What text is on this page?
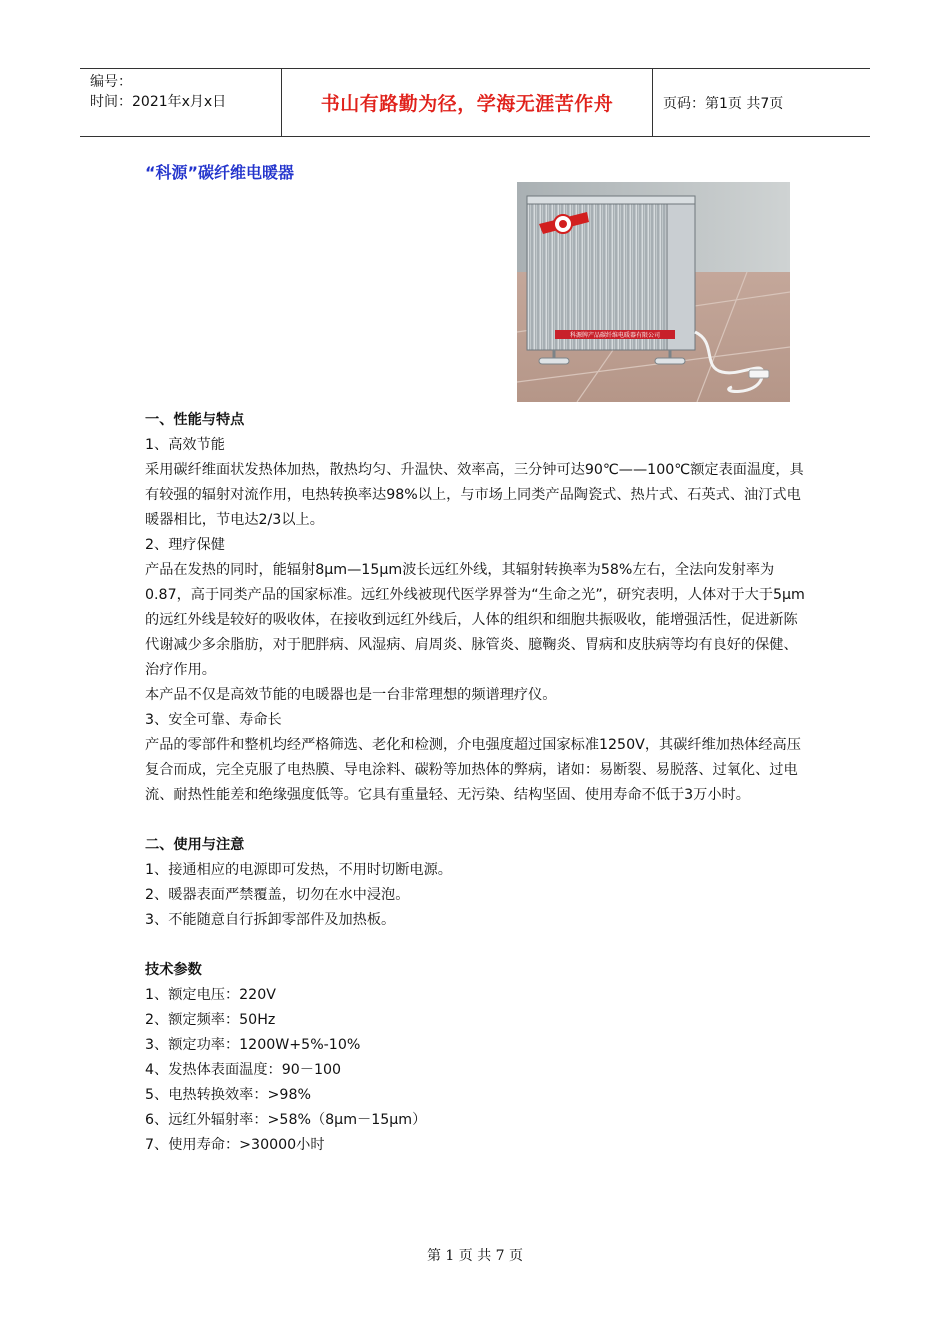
编号：
时间：2021年x月x日	书山有路勤为径，学海无涯苦作舟	页码：第1页 共7页
“科源”碳纤维电暖器
科源牌产品碳纤维电暖器有限公司

一、性能与特点

1、高效节能

采用碳纤维面状发热体加热，散热均匀、升温快、效率高，三分钟可达90℃——100℃额定表面温度，具有较强的辐射对流作用，电热转换率达98%以上，与市场上同类产品陶瓷式、热片式、石英式、油汀式电暖器相比，节电达2/3以上。

2、理疗保健

产品在发热的同时，能辐射8μm—15μm波长远红外线，其辐射转换率为58%左右，全法向发射率为0.87，高于同类产品的国家标准。远红外线被现代医学界誉为“生命之光”，研究表明，人体对于大于5μm的远红外线是较好的吸收体，在接收到远红外线后，人体的组织和细胞共振吸收，能增强活性，促进新陈代谢减少多余脂肪，对于肥胖病、风湿病、肩周炎、脉管炎、臆鞠炎、胃病和皮肤病等均有良好的保健、治疗作用。

本产品不仅是高效节能的电暖器也是一台非常理想的频谱理疗仪。

3、安全可靠、寿命长

产品的零部件和整机均经严格筛选、老化和检测，介电强度超过国家标准1250V，其碳纤维加热体经高压复合而成，完全克服了电热膜、导电涂料、碳粉等加热体的弊病，诸如：易断裂、易脱落、过氧化、过电流、耐热性能差和绝缘强度低等。它具有重量轻、无污染、结构坚固、使用寿命不低于3万小时。

二、使用与注意

1、接通相应的电源即可发热，不用时切断电源。

2、暖器表面严禁覆盖，切勿在水中浸泡。

3、不能随意自行拆卸零部件及加热板。

技术参数

1、额定电压：220V

2、额定频率：50Hz

3、额定功率：1200W+5%-10%

4、发热体表面温度：90－100

5、电热转换效率：>98%

6、远红外辐射率：>58%（8μm－15μm）

7、使用寿命：>30000小时

第 1 页 共 7 页
